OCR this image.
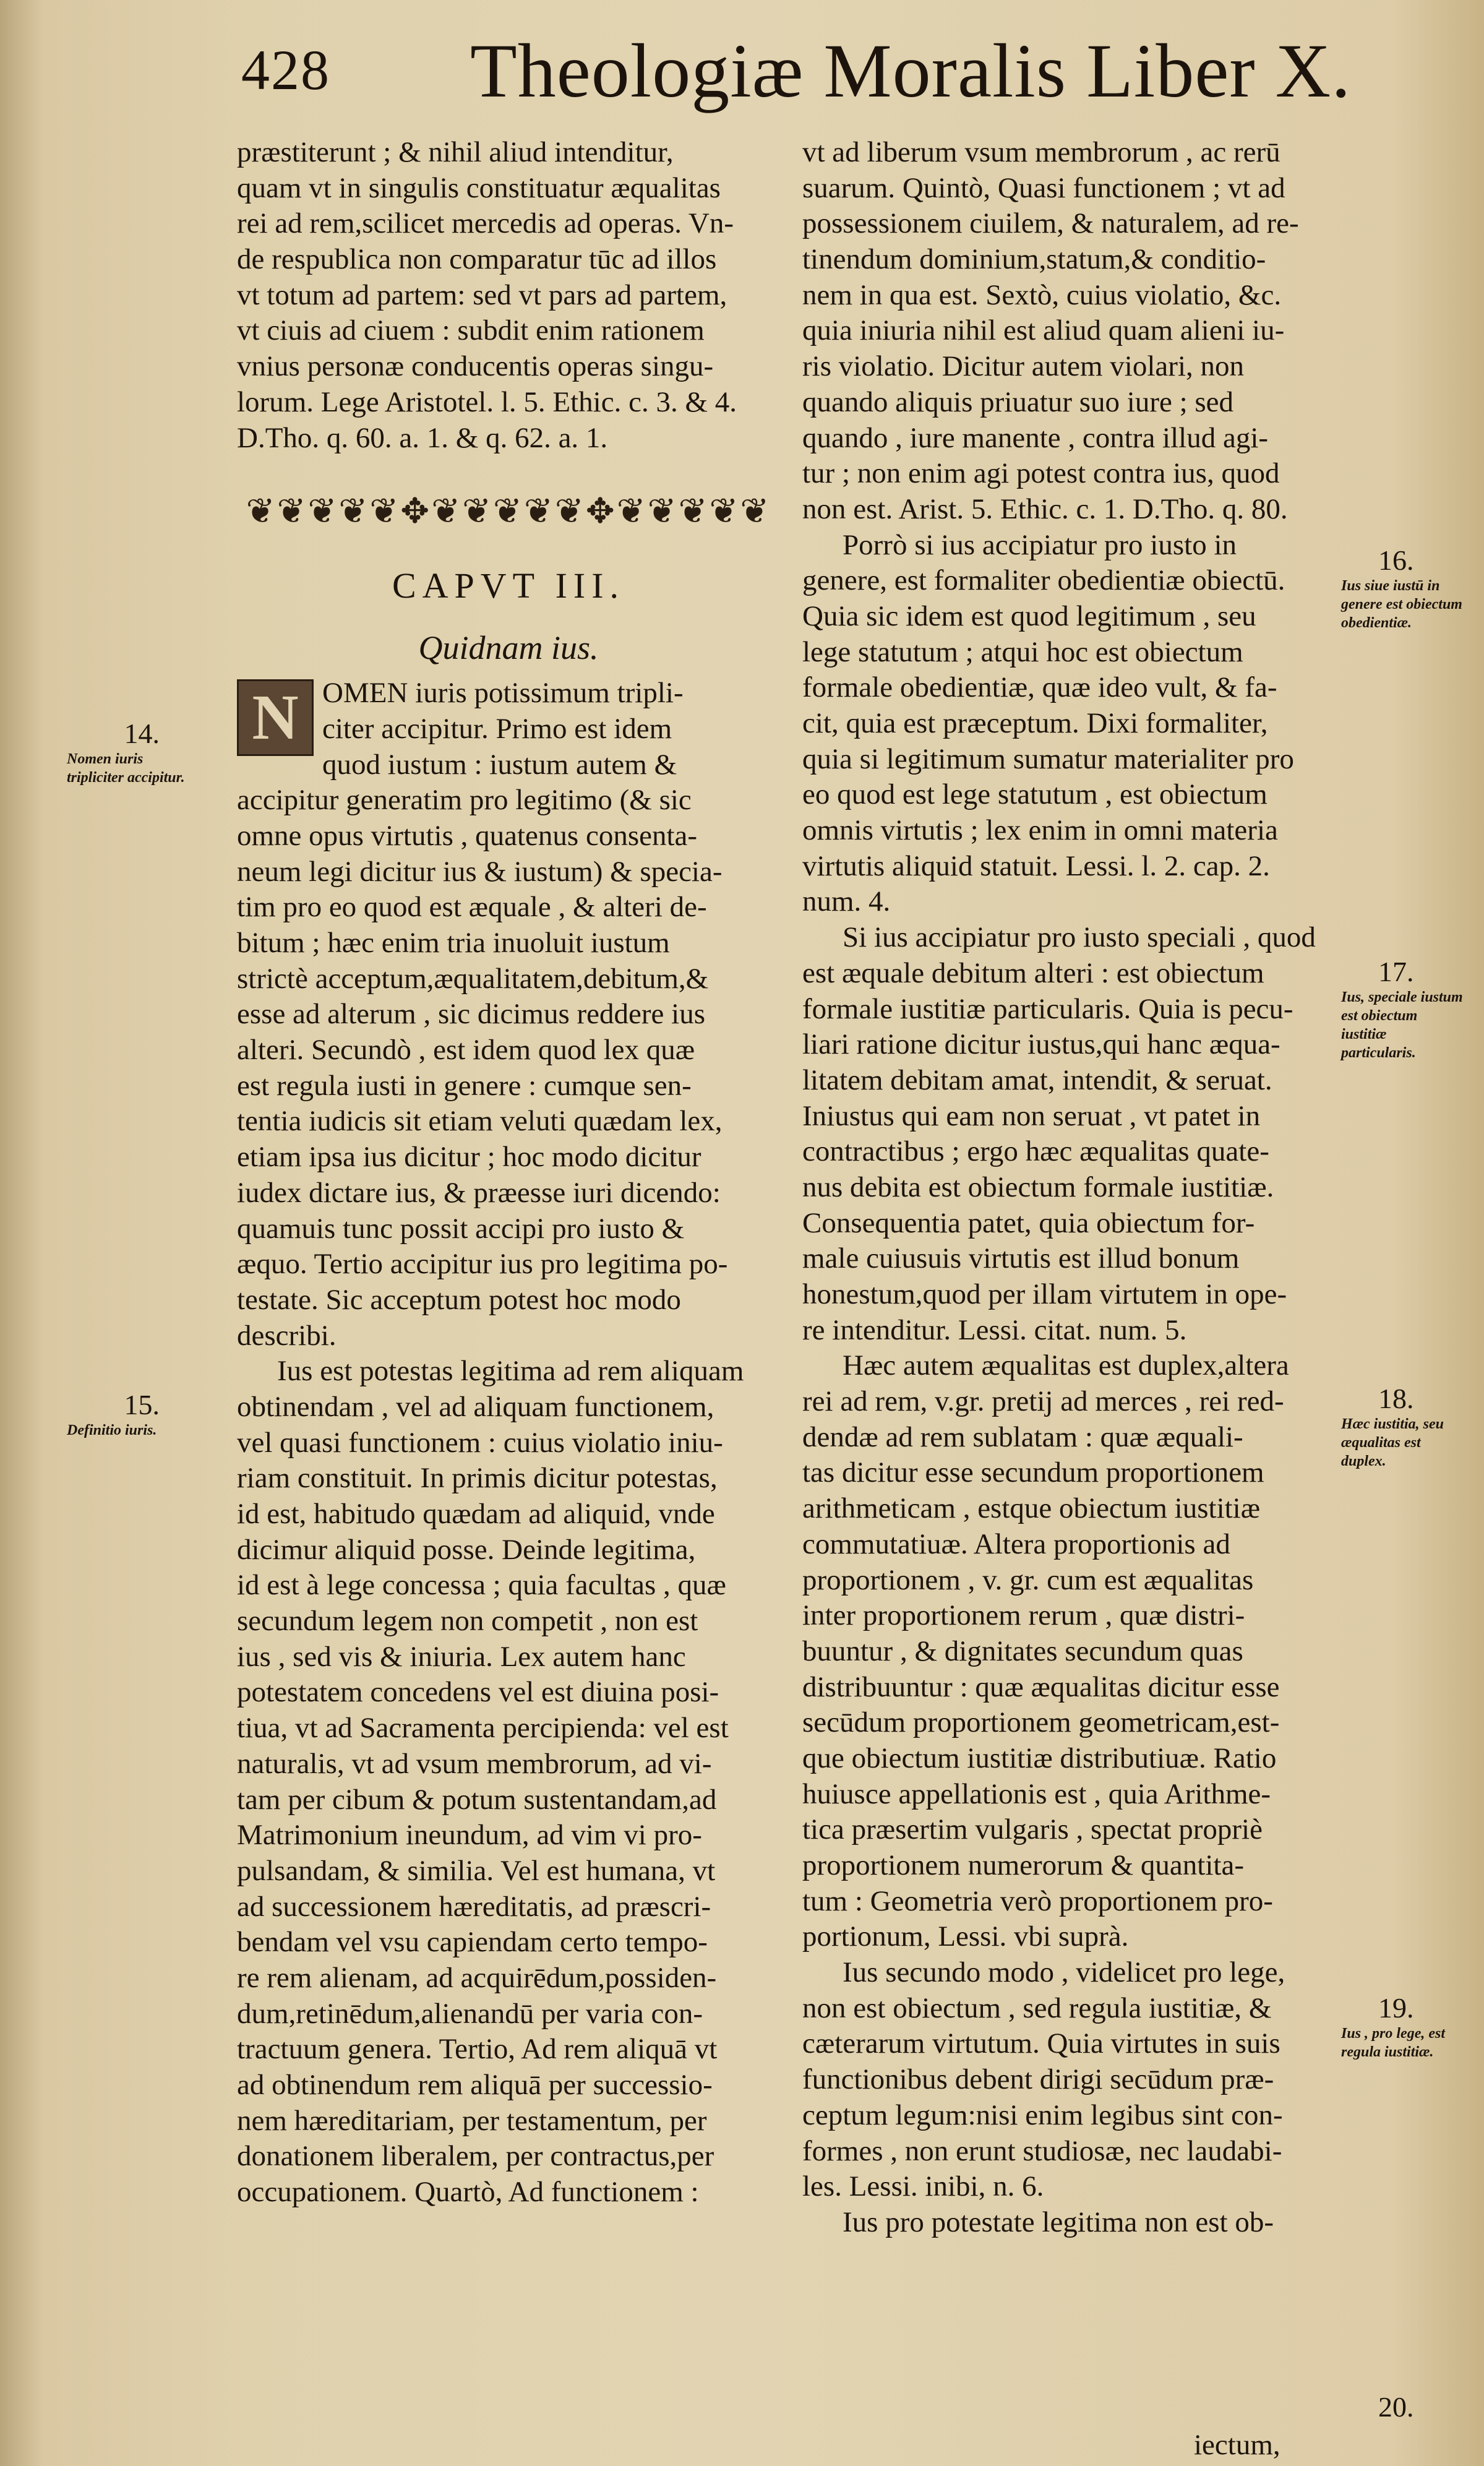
428 Theologiæ Moralis Liber X.
præstiterunt ; & nihil aliud intenditur,
quam vt in singulis constituatur æqualitas
rei ad rem,scilicet mercedis ad operas. Vn-
de respublica non comparatur tūc ad illos
vt totum ad partem: sed vt pars ad partem,
vt ciuis ad ciuem : subdit enim rationem
vnius personæ conducentis operas singu-
lorum. Lege Aristotel. l. 5. Ethic. c. 3. & 4.
D.Tho. q. 60. a. 1. & q. 62. a. 1.
❦❦❦❦❦✥❦❦❦❦❦✥❦❦❦❦❦
CAPVT III.
Quidnam ius.
N OMEN iuris potissimum tripli-
citer accipitur. Primo est idem
quod iustum : iustum autem &
accipitur generatim pro legitimo (& sic
omne opus virtutis , quatenus consenta-
neum legi dicitur ius & iustum) & specia-
tim pro eo quod est æquale , & alteri de-
bitum ; hæc enim tria inuoluit iustum
strictè acceptum,æqualitatem,debitum,&
esse ad alterum , sic dicimus reddere ius
alteri. Secundò , est idem quod lex quæ
est regula iusti in genere : cumque sen-
tentia iudicis sit etiam veluti quædam lex,
etiam ipsa ius dicitur ; hoc modo dicitur
iudex dictare ius, & præesse iuri dicendo:
quamuis tunc possit accipi pro iusto &
æquo. Tertio accipitur ius pro legitima po-
testate. Sic acceptum potest hoc modo
describi.
Ius est potestas legitima ad rem aliquam
obtinendam , vel ad aliquam functionem,
vel quasi functionem : cuius violatio iniu-
riam constituit. In primis dicitur potestas,
id est, habitudo quædam ad aliquid, vnde
dicimur aliquid posse. Deinde legitima,
id est à lege concessa ; quia facultas , quæ
secundum legem non competit , non est
ius , sed vis & iniuria. Lex autem hanc
potestatem concedens vel est diuina posi-
tiua, vt ad Sacramenta percipienda: vel est
naturalis, vt ad vsum membrorum, ad vi-
tam per cibum & potum sustentandam,ad
Matrimonium ineundum, ad vim vi pro-
pulsandam, & similia. Vel est humana, vt
ad successionem hæreditatis, ad præscri-
bendam vel vsu capiendam certo tempo-
re rem alienam, ad acquirēdum,possiden-
dum,retinēdum,alienandū per varia con-
tractuum genera. Tertio, Ad rem aliquā vt
ad obtinendum rem aliquā per successio-
nem hæreditariam, per testamentum, per
donationem liberalem, per contractus,per
occupationem. Quartò, Ad functionem :
vt ad liberum vsum membrorum , ac rerū
suarum. Quintò, Quasi functionem ; vt ad
possessionem ciuilem, & naturalem, ad re-
tinendum dominium,statum,& conditio-
nem in qua est. Sextò, cuius violatio, &c.
quia iniuria nihil est aliud quam alieni iu-
ris violatio. Dicitur autem violari, non
quando aliquis priuatur suo iure ; sed
quando , iure manente , contra illud agi-
tur ; non enim agi potest contra ius, quod
non est. Arist. 5. Ethic. c. 1. D.Tho. q. 80.
Porrò si ius accipiatur pro iusto in
genere, est formaliter obedientiæ obiectū.
Quia sic idem est quod legitimum , seu
lege statutum ; atqui hoc est obiectum
formale obedientiæ, quæ ideo vult, & fa-
cit, quia est præceptum. Dixi formaliter,
quia si legitimum sumatur materialiter pro
eo quod est lege statutum , est obiectum
omnis virtutis ; lex enim in omni materia
virtutis aliquid statuit. Lessi. l. 2. cap. 2.
num. 4.
Si ius accipiatur pro iusto speciali , quod
est æquale debitum alteri : est obiectum
formale iustitiæ particularis. Quia is pecu-
liari ratione dicitur iustus,qui hanc æqua-
litatem debitam amat, intendit, & seruat.
Iniustus qui eam non seruat , vt patet in
contractibus ; ergo hæc æqualitas quate-
nus debita est obiectum formale iustitiæ.
Consequentia patet, quia obiectum for-
male cuiusuis virtutis est illud bonum
honestum,quod per illam virtutem in ope-
re intenditur. Lessi. citat. num. 5.
Hæc autem æqualitas est duplex,altera
rei ad rem, v.gr. pretij ad merces , rei red-
dendæ ad rem sublatam : quæ æquali-
tas dicitur esse secundum proportionem
arithmeticam , estque obiectum iustitiæ
commutatiuæ. Altera proportionis ad
proportionem , v. gr. cum est æqualitas
inter proportionem rerum , quæ distri-
buuntur , & dignitates secundum quas
distribuuntur : quæ æqualitas dicitur esse
secūdum proportionem geometricam,est-
que obiectum iustitiæ distributiuæ. Ratio
huiusce appellationis est , quia Arithme-
tica præsertim vulgaris , spectat propriè
proportionem numerorum & quantita-
tum : Geometria verò proportionem pro-
portionum, Lessi. vbi suprà.
Ius secundo modo , videlicet pro lege,
non est obiectum , sed regula iustitiæ, &
cæterarum virtutum. Quia virtutes in suis
functionibus debent dirigi secūdum præ-
ceptum legum:nisi enim legibus sint con-
formes , non erunt studiosæ, nec laudabi-
les. Lessi. inibi, n. 6.
Ius pro potestate legitima non est ob-
14.
Nomen iuris tripliciter accipitur.
15.
Definitio iuris.
16.
Ius siue iustū in genere est obiectum obedientiæ.
17.
Ius, speciale iustum est obiectum iustitiæ particularis.
18.
Hæc iustitia, seu æqualitas est duplex.
19.
Ius , pro lege, est regula iustitiæ.
20.
iectum,
